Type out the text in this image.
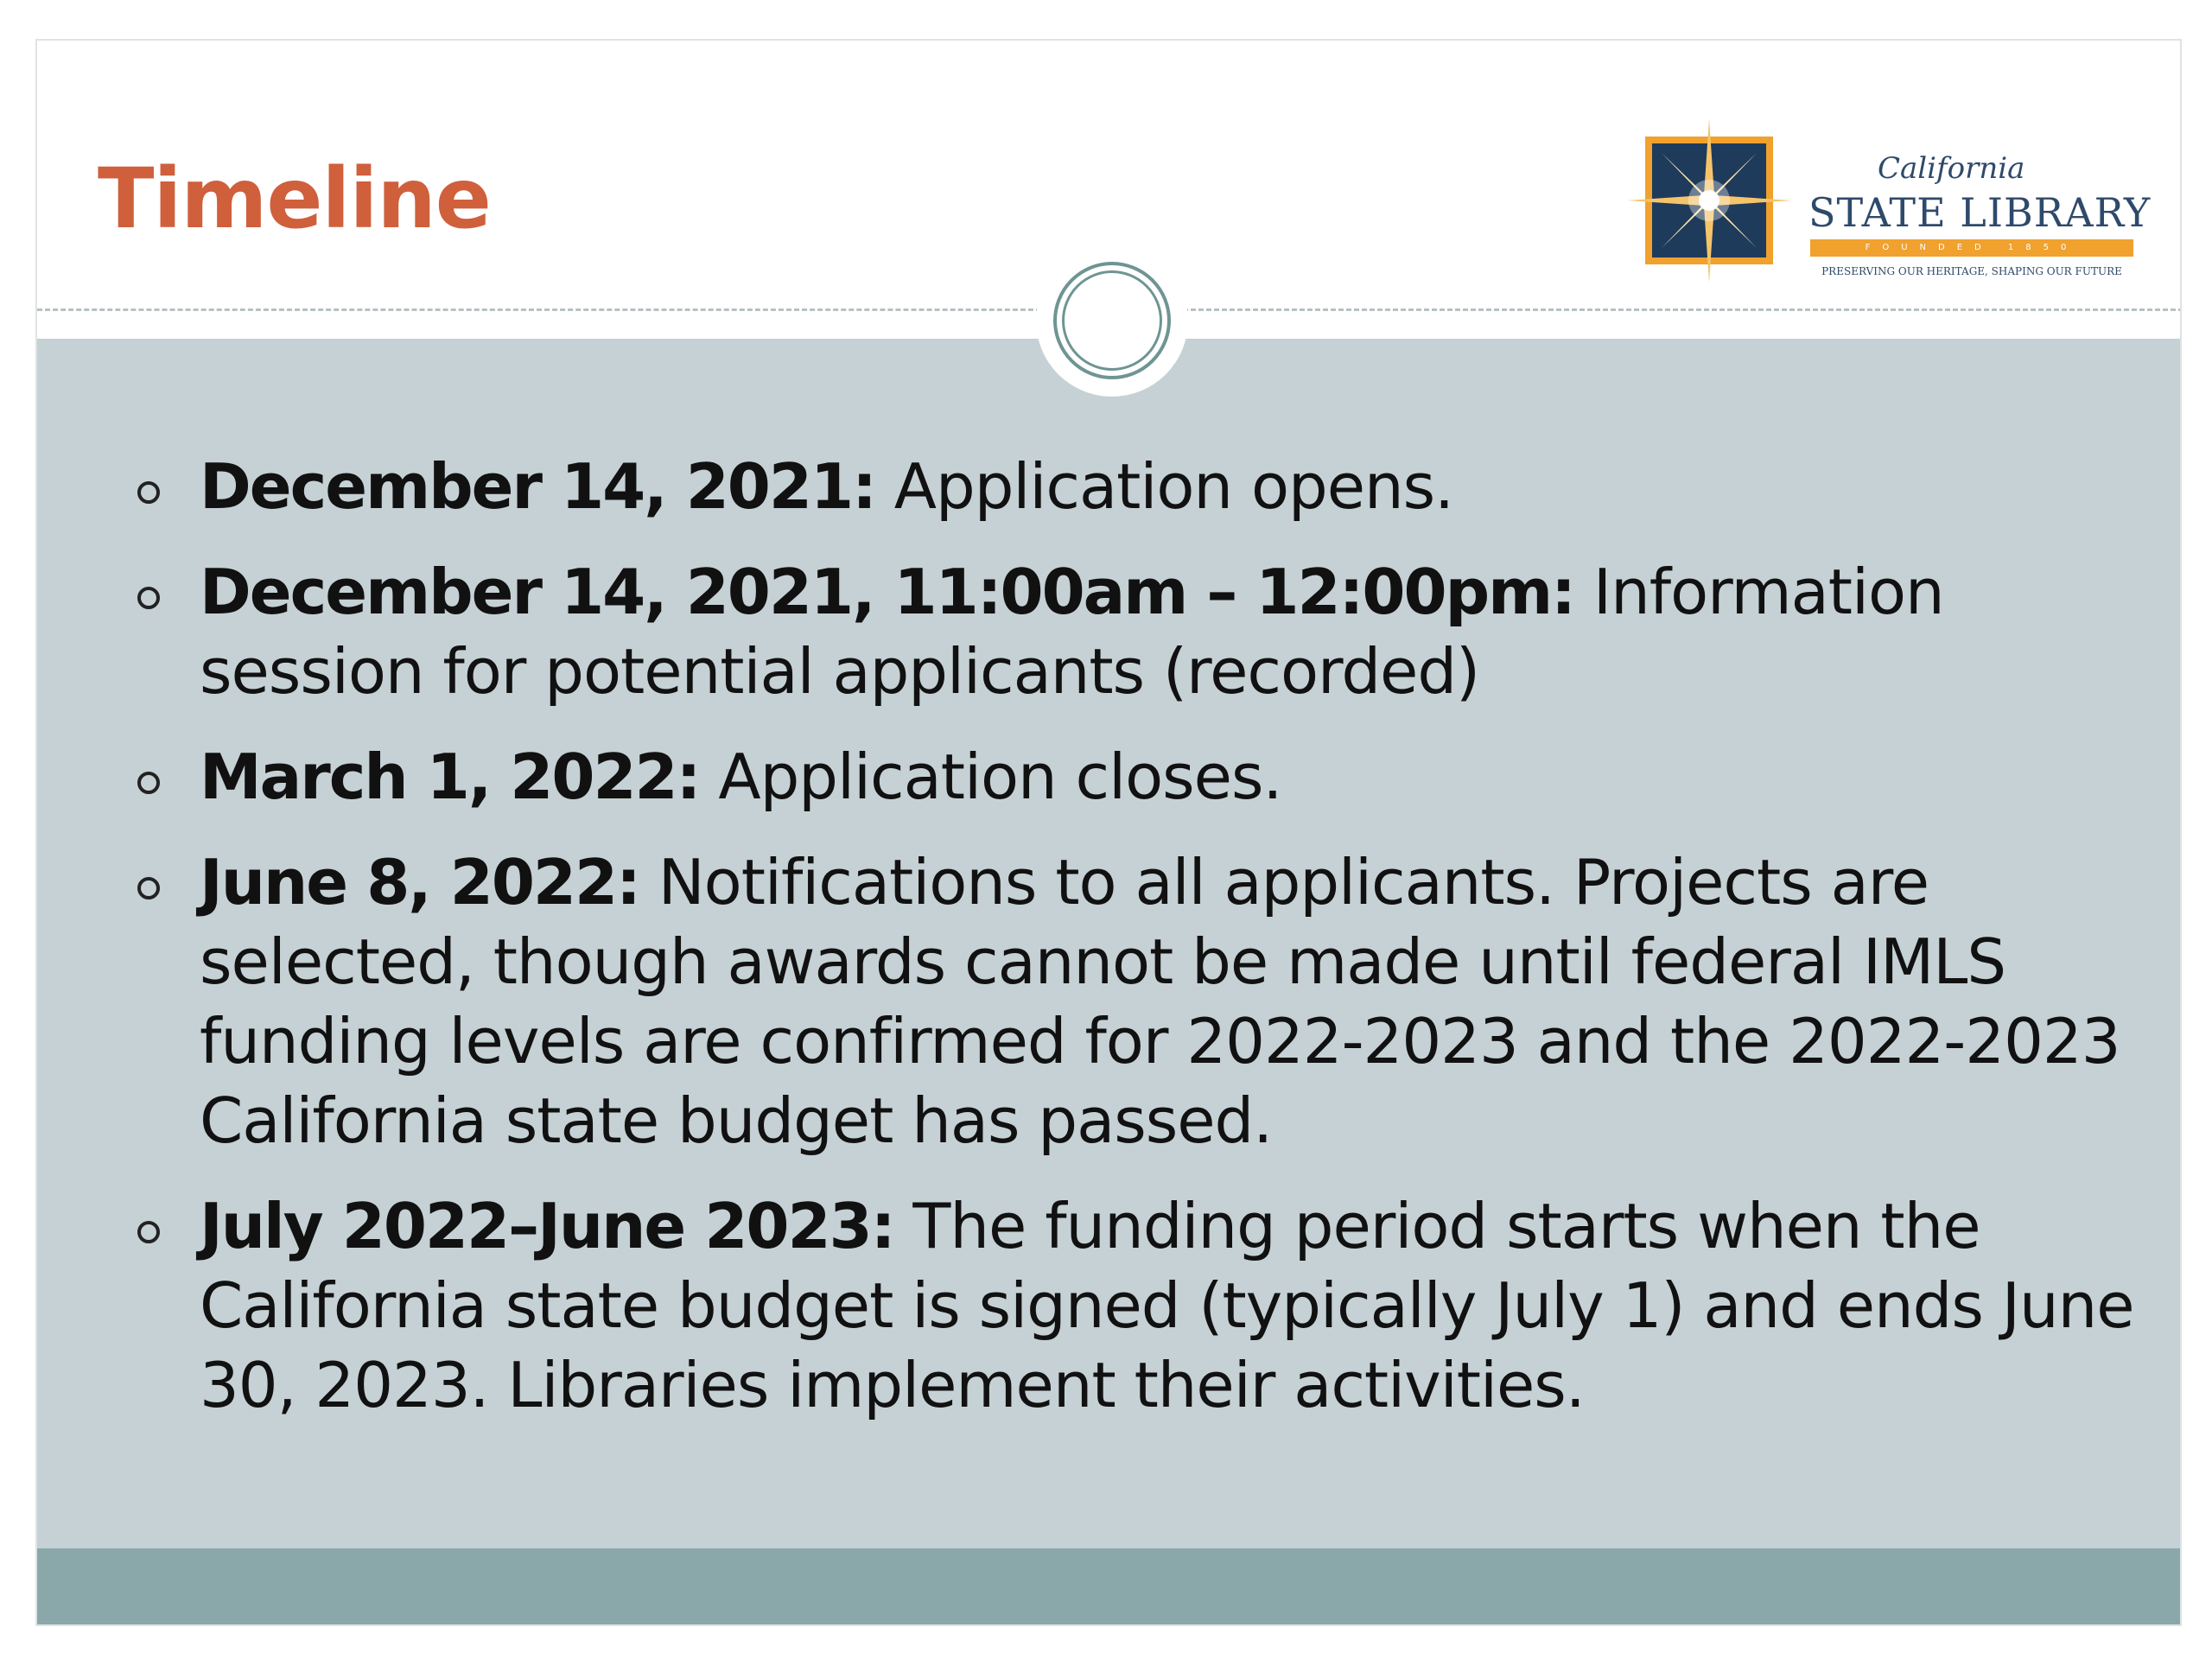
Timeline	California
STATE LIBRARY
FOUNDED 1850
PRESERVING OUR HERITAGE, SHAPING OUR FUTURE
December 14, 2021: Application opens.
December 14, 2021, 11:00am – 12:00pm: Information session for potential applicants (recorded)
March 1, 2022: Application closes.
June 8, 2022: Notifications to all applicants. Projects are selected, though awards cannot be made until federal IMLS funding levels are confirmed for 2022-2023 and the 2022-2023 California state budget has passed.
July 2022–June 2023: The funding period starts when the California state budget is signed (typically July 1) and ends June 30, 2023. Libraries implement their activities.
